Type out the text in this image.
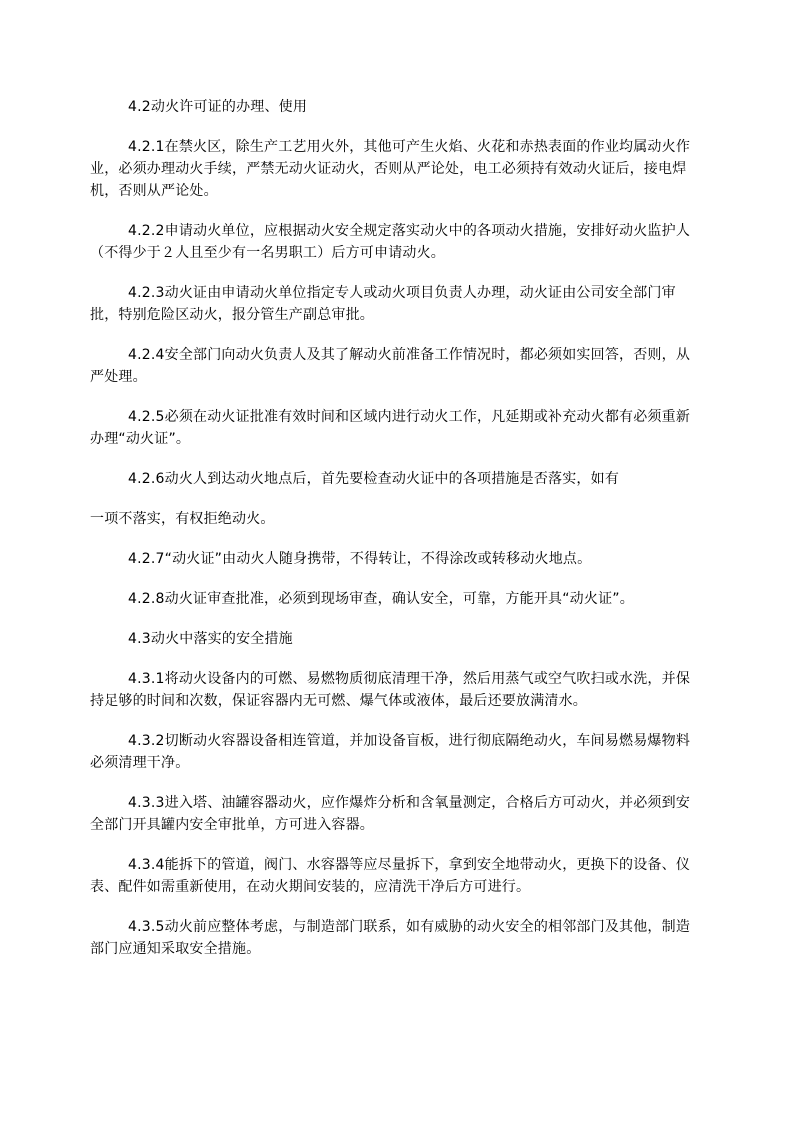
4.2动火许可证的办理、使用

4.2.1在禁火区，除生产工艺用火外，其他可产生火焰、火花和赤热表面的作业均属动火作业，必须办理动火手续，严禁无动火证动火，否则从严论处，电工必须持有效动火证后，接电焊机，否则从严论处。

4.2.2申请动火单位，应根据动火安全规定落实动火中的各项动火措施，安排好动火监护人（不得少于２人且至少有一名男职工）后方可申请动火。

4.2.3动火证由申请动火单位指定专人或动火项目负责人办理，动火证由公司安全部门审批，特别危险区动火，报分管生产副总审批。

4.2.4安全部门向动火负责人及其了解动火前准备工作情况时，都必须如实回答，否则，从严处理。

4.2.5必须在动火证批准有效时间和区域内进行动火工作，凡延期或补充动火都有必须重新办理“动火证”。

4.2.6动火人到达动火地点后，首先要检查动火证中的各项措施是否落实，如有

一项不落实，有权拒绝动火。

4.2.7“动火证”由动火人随身携带，不得转让，不得涂改或转移动火地点。

4.2.8动火证审查批准，必须到现场审查，确认安全，可靠，方能开具“动火证”。

4.3动火中落实的安全措施

4.3.1将动火设备内的可燃、易燃物质彻底清理干净，然后用蒸气或空气吹扫或水洗，并保持足够的时间和次数，保证容器内无可燃、爆气体或液体，最后还要放满清水。

4.3.2切断动火容器设备相连管道，并加设备盲板，进行彻底隔绝动火，车间易燃易爆物料必须清理干净。

4.3.3进入塔、油罐容器动火，应作爆炸分析和含氧量测定，合格后方可动火，并必须到安全部门开具罐内安全审批单，方可进入容器。

4.3.4能拆下的管道，阀门、水容器等应尽量拆下，拿到安全地带动火，更换下的设备、仪表、配件如需重新使用，在动火期间安装的，应清洗干净后方可进行。

4.3.5动火前应整体考虑，与制造部门联系，如有威胁的动火安全的相邻部门及其他，制造部门应通知采取安全措施。
